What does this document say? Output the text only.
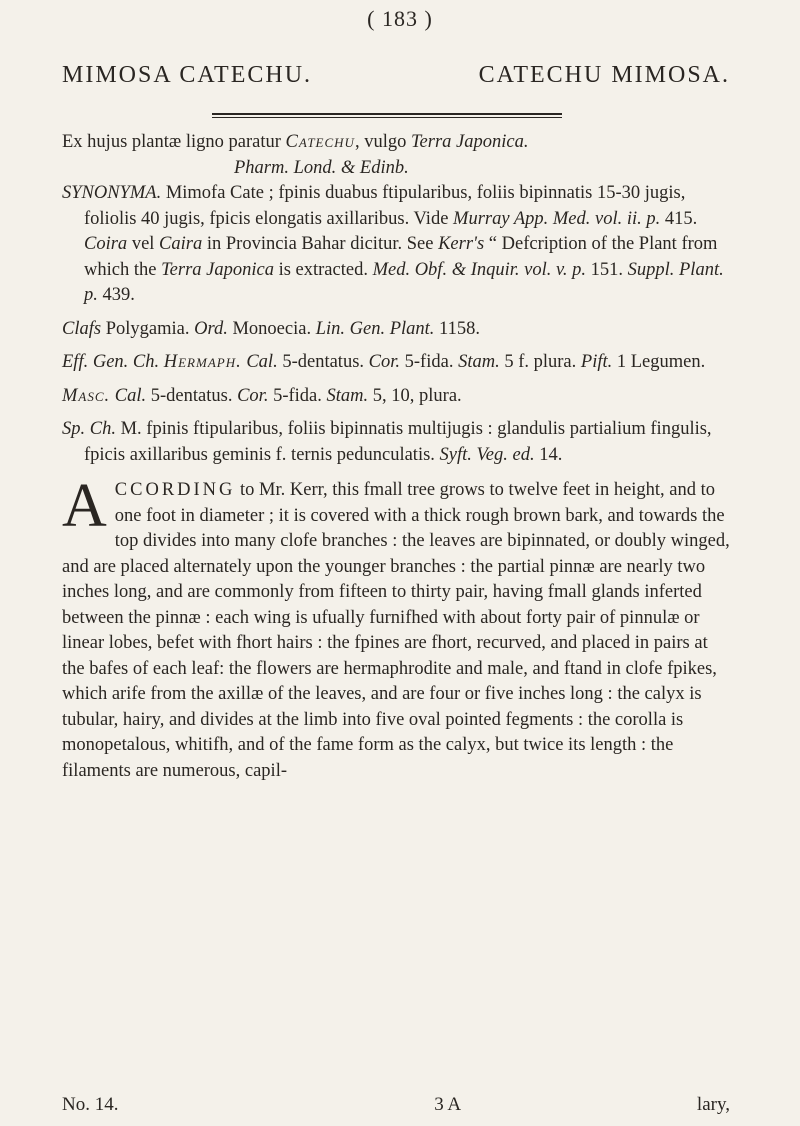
( 183 )
MIMOSA CATECHU.	CATECHU MIMOSA.

Ex hujus plantæ ligno paratur Catechu, vulgo Terra Japonica.
Pharm. Lond. & Edinb.

SYNONYMA. Mimofa Cate ; fpinis duabus ftipularibus, foliis bipinnatis 15-30 jugis, foliolis 40 jugis, fpicis elongatis axillaribus. Vide Murray App. Med. vol. ii. p. 415. Coira vel Caira in Provincia Bahar dicitur. See Kerr's “ Defcription of the Plant from which the Terra Japonica is extracted. Med. Obf. & Inquir. vol. v. p. 151. Suppl. Plant. p. 439.

Clafs Polygamia. Ord. Monoecia. Lin. Gen. Plant. 1158.

Eff. Gen. Ch. Hermaph. Cal. 5-dentatus. Cor. 5-fida. Stam. 5 f. plura. Pift. 1 Legumen.

Masc. Cal. 5-dentatus. Cor. 5-fida. Stam. 5, 10, plura.

Sp. Ch. M. fpinis ftipularibus, foliis bipinnatis multijugis : glandulis partialium fingulis, fpicis axillaribus geminis f. ternis pedunculatis. Syft. Veg. ed. 14.

ACCORDING to Mr. Kerr, this fmall tree grows to twelve feet in height, and to one foot in diameter ; it is covered with a thick rough brown bark, and towards the top divides into many clofe branches : the leaves are bipinnated, or doubly winged, and are placed alternately upon the younger branches : the partial pinnæ are nearly two inches long, and are commonly from fifteen to thirty pair, having fmall glands inferted between the pinnæ : each wing is ufually furnifhed with about forty pair of pinnulæ or linear lobes, befet with fhort hairs : the fpines are fhort, recurved, and placed in pairs at the bafes of each leaf: the flowers are hermaphrodite and male, and ftand in clofe fpikes, which arife from the axillæ of the leaves, and are four or five inches long : the calyx is tubular, hairy, and divides at the limb into five oval pointed fegments : the corolla is monopetalous, whitifh, and of the fame form as the calyx, but twice its length : the filaments are numerous, capil-

No. 14.	3 A	lary,
